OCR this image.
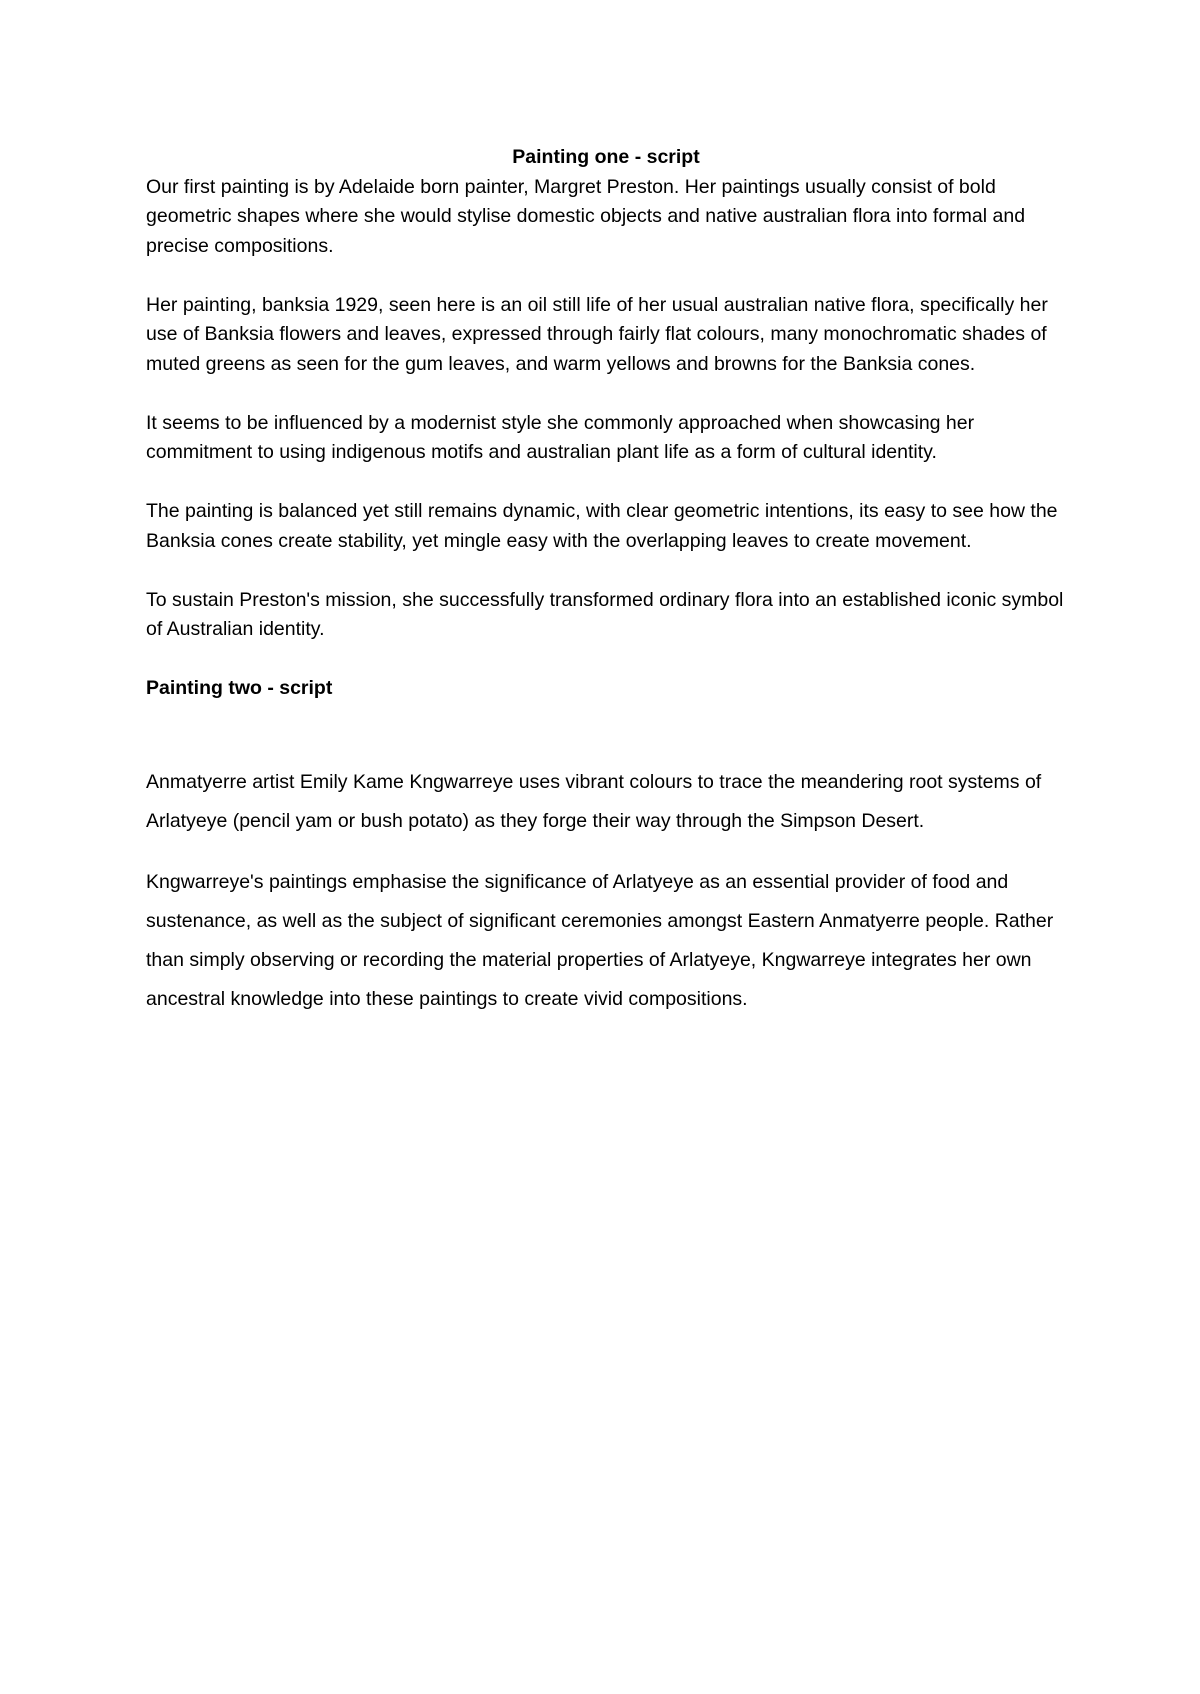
Painting one - script

Our first painting is by Adelaide born painter, Margret Preston. Her paintings usually consist of bold geometric shapes where she would stylise domestic objects and native australian flora into formal and precise compositions.

Her painting, banksia 1929, seen here is an oil still life of her usual australian native flora, specifically her use of Banksia flowers and leaves, expressed through fairly flat colours, many monochromatic shades of muted greens as seen for the gum leaves, and warm yellows and browns for the Banksia cones.

It seems to be influenced by a modernist style she commonly approached when showcasing her commitment to using indigenous motifs and australian plant life as a form of cultural identity.

The painting is balanced yet still remains dynamic, with clear geometric intentions, its easy to see how the Banksia cones create stability, yet mingle easy with the overlapping leaves to create movement.

To sustain Preston's mission, she successfully transformed ordinary flora into an established iconic symbol of Australian identity.

Painting two - script

Anmatyerre artist Emily Kame Kngwarreye uses vibrant colours to trace the meandering root systems of Arlatyeye (pencil yam or bush potato) as they forge their way through the Simpson Desert.

Kngwarreye's paintings emphasise the significance of Arlatyeye as an essential provider of food and sustenance, as well as the subject of significant ceremonies amongst Eastern Anmatyerre people. Rather than simply observing or recording the material properties of Arlatyeye, Kngwarreye integrates her own ancestral knowledge into these paintings to create vivid compositions.
